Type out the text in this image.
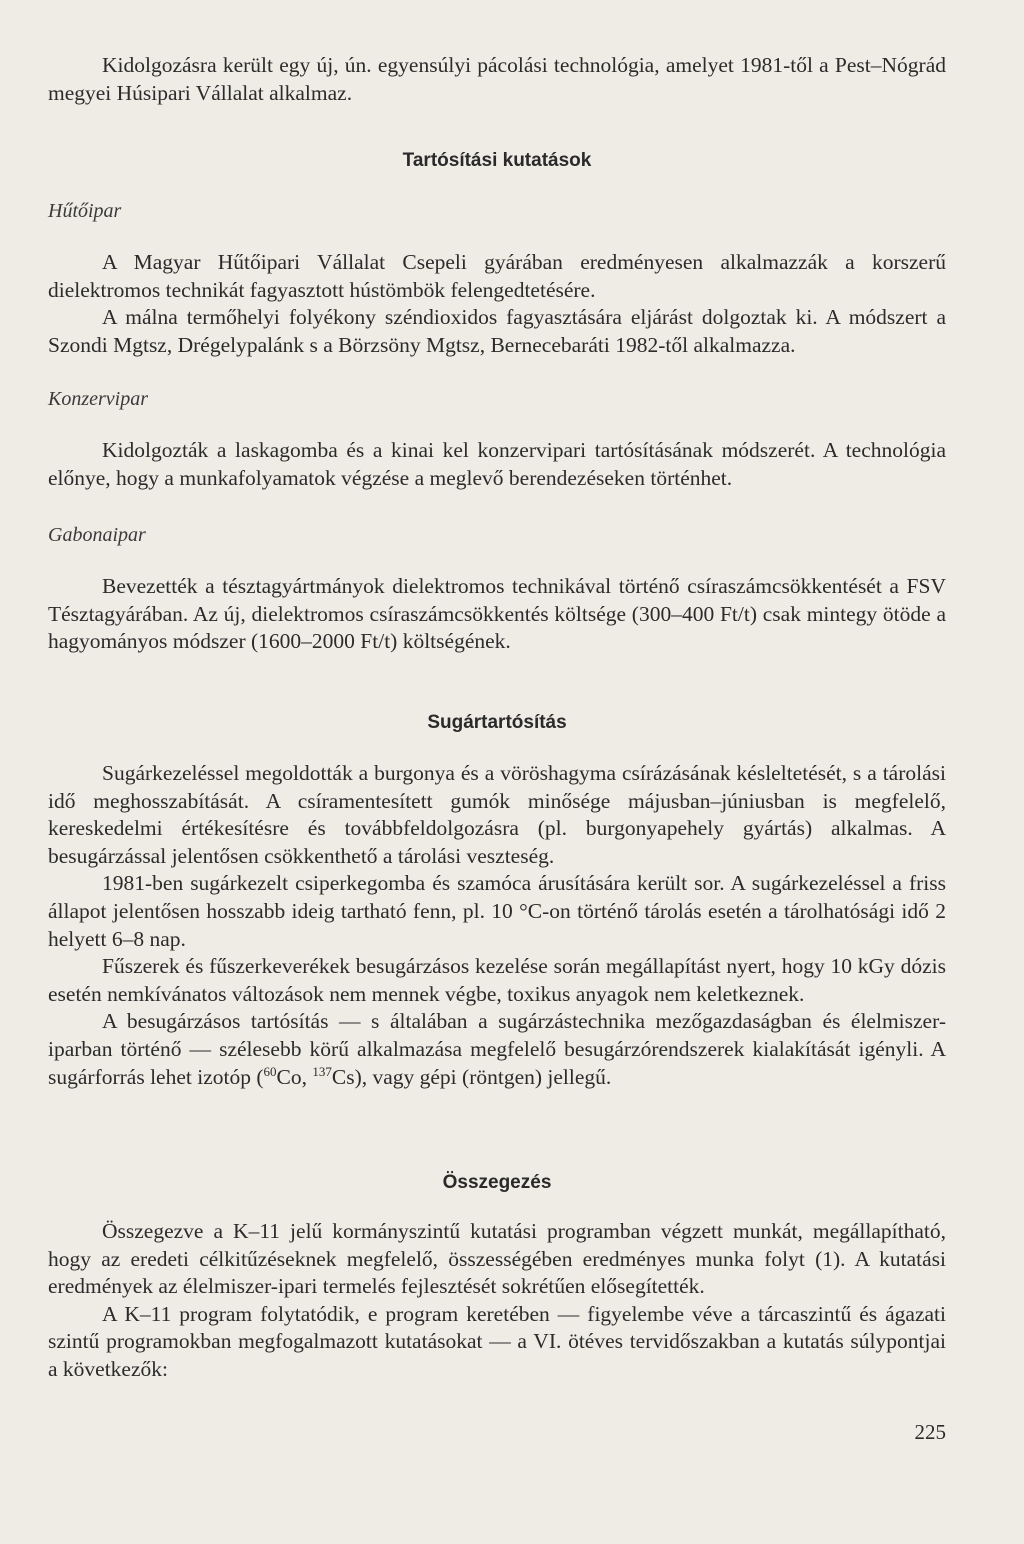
Kidolgozásra került egy új, ún. egyensúlyi pácolási technológia, amelyet 1981-től a Pest–Nógrád megyei Húsipari Vállalat alkalmaz.

Tartósítási kutatások
Hűtőipar

A Magyar Hűtőipari Vállalat Csepeli gyárában eredményesen alkalmazzák a korszerű dielektromos technikát fagyasztott hústömbök felengedtetésére.

A málna termőhelyi folyékony széndioxidos fagyasztására eljárást dolgoztak ki. A módszert a Szondi Mgtsz, Drégelypalánk s a Börzsöny Mgtsz, Bernecebaráti 1982-től alkalmazza.

Konzervipar

Kidolgozták a laskagomba és a kinai kel konzervipari tartósításának módszerét. A technológia előnye, hogy a munkafolyamatok végzése a meglevő berendezéseken történhet.

Gabonaipar

Bevezették a tésztagyártmányok dielektromos technikával történő csíraszámcsökkentését a FSV Tésztagyárában. Az új, dielektromos csíraszámcsökkentés költsége (300–400 Ft/t) csak mintegy ötöde a hagyományos módszer (1600–2000 Ft/t) költségének.

Sugártartósítás

Sugárkezeléssel megoldották a burgonya és a vöröshagyma csírázásának késleltetését, s a tárolási idő meghosszabítását. A csíramentesített gumók minősége májusban–júniusban is megfelelő, kereskedelmi értékesítésre és továbbfeldolgozásra (pl. burgonyapehely gyártás) alkalmas. A besugárzással jelentősen csökkenthető a tárolási veszteség.

1981-ben sugárkezelt csiperkegomba és szamóca árusítására került sor. A sugárkezeléssel a friss állapot jelentősen hosszabb ideig tartható fenn, pl. 10 °C-on történő tárolás esetén a tárolhatósági idő 2 helyett 6–8 nap.

Fűszerek és fűszerkeverékek besugárzásos kezelése során megállapítást nyert, hogy 10 kGy dózis esetén nemkívánatos változások nem mennek végbe, toxikus anyagok nem keletkeznek.

A besugárzásos tartósítás — s általában a sugárzástechnika mezőgazdaságban és élelmiszer-iparban történő — szélesebb körű alkalmazása megfelelő besugárzórendszerek kialakítását igényli. A sugárforrás lehet izotóp ($^{60}$Co, $^{137}$Cs), vagy gépi (röntgen) jellegű.

Összegezés

Összegezve a K–11 jelű kormányszintű kutatási programban végzett munkát, megállapítható, hogy az eredeti célkitűzéseknek megfelelő, összességében eredményes munka folyt (1). A kutatási eredmények az élelmiszer-ipari termelés fejlesztését sokrétűen elősegítették.

A K–11 program folytatódik, e program keretében — figyelembe véve a tárcaszintű és ágazati szintű programokban megfogalmazott kutatásokat — a VI. ötéves tervidőszakban a kutatás súlypontjai a következők:

225
